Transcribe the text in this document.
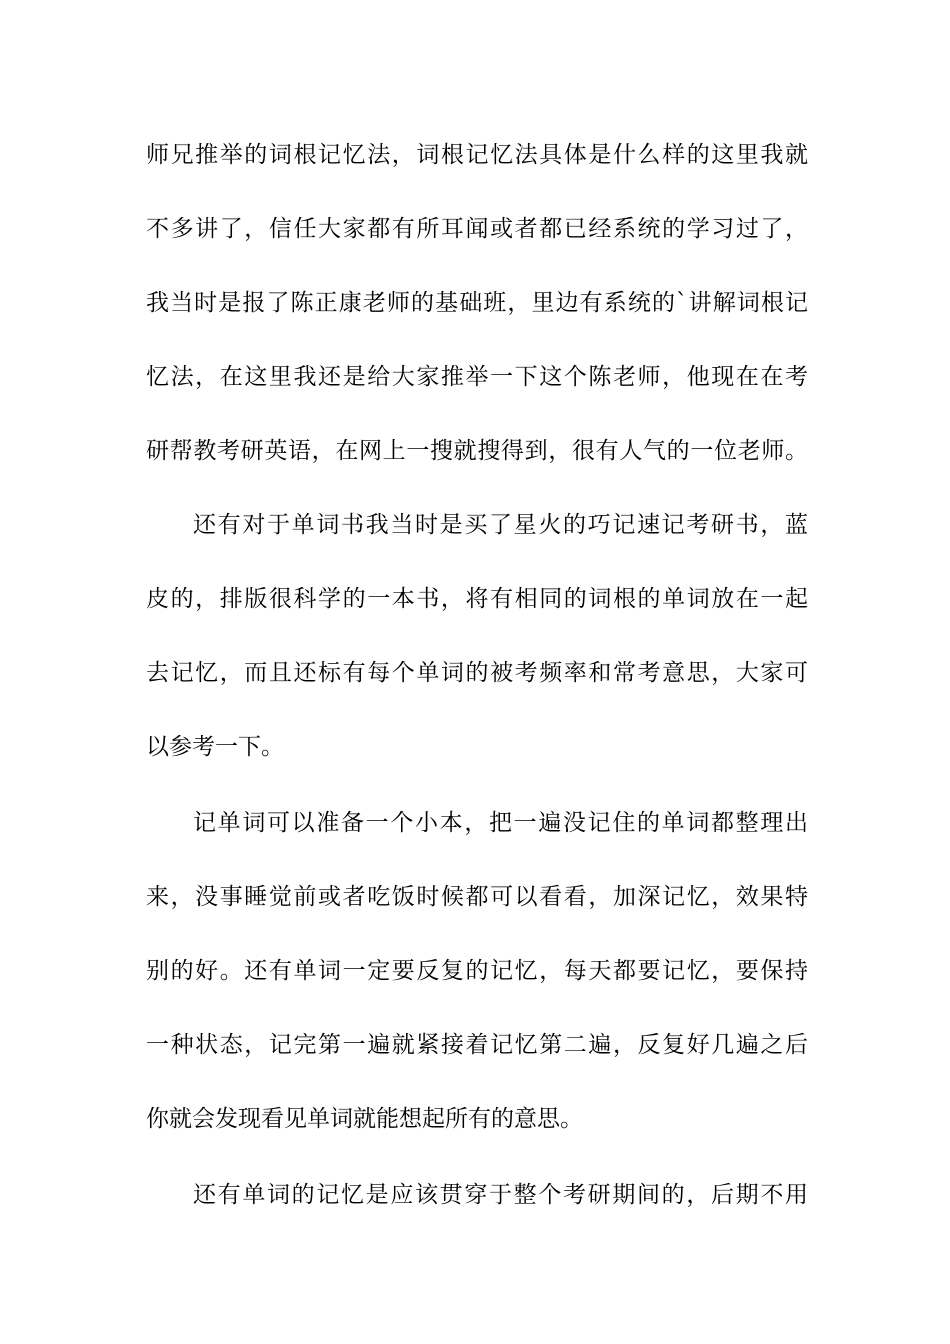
师兄推举的词根记忆法，词根记忆法具体是什么样的这里我就
不多讲了，信任大家都有所耳闻或者都已经系统的学习过了，
我当时是报了陈正康老师的基础班，里边有系统的`讲解词根记
忆法，在这里我还是给大家推举一下这个陈老师，他现在在考
研帮教考研英语，在网上一搜就搜得到，很有人气的一位老师。
还有对于单词书我当时是买了星火的巧记速记考研书，蓝
皮的，排版很科学的一本书，将有相同的词根的单词放在一起
去记忆，而且还标有每个单词的被考频率和常考意思，大家可
以参考一下。
记单词可以准备一个小本，把一遍没记住的单词都整理出
来，没事睡觉前或者吃饭时候都可以看看，加深记忆，效果特
别的好。还有单词一定要反复的记忆，每天都要记忆，要保持
一种状态，记完第一遍就紧接着记忆第二遍，反复好几遍之后
你就会发现看见单词就能想起所有的意思。
还有单词的记忆是应该贯穿于整个考研期间的，后期不用
